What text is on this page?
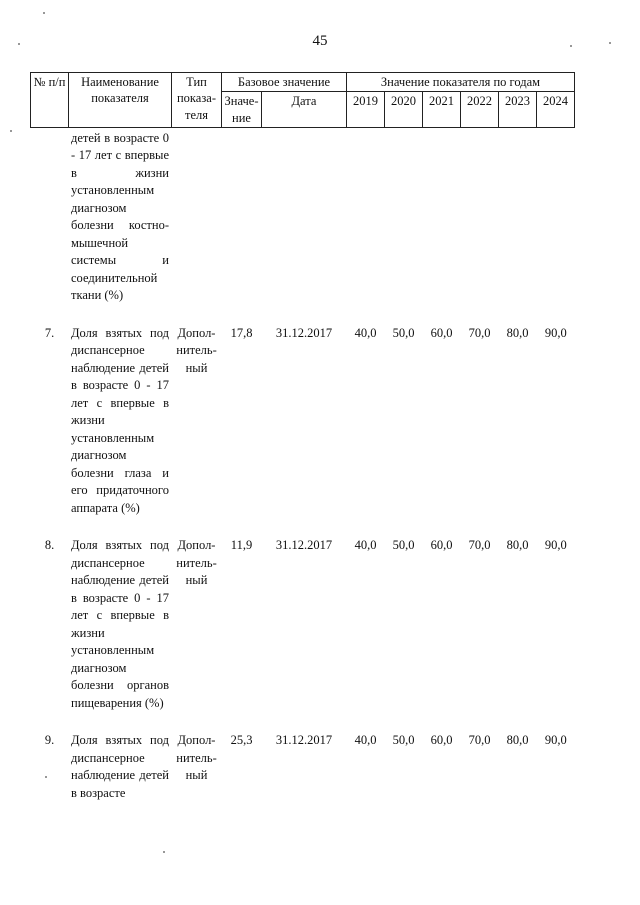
45
№ п/п	Наименование показателя	Тип показа-теля	Базовое значение		Значение показателя по годам					
			Значе-ние	Дата	2019	2020	2021	2022	2023	2024
	детей в возрасте 0 - 17 лет с впервые в жизни установленным диагнозом болезни костно-мышечной системы и соединительной ткани (%)									
7.	Доля взятых под диспансерное наблюдение детей в возрасте 0 - 17 лет с впервые в жизни установленным диагнозом болезни глаза и его придаточного аппарата (%)	Допол-нитель-ный	17,8	31.12.2017	40,0	50,0	60,0	70,0	80,0	90,0
8.	Доля взятых под диспансерное наблюдение детей в возрасте 0 - 17 лет с впервые в жизни установленным диагнозом болезни органов пищеварения (%)	Допол-нитель-ный	11,9	31.12.2017	40,0	50,0	60,0	70,0	80,0	90,0
9.	Доля взятых под диспансерное наблюдение детей в возрасте	Допол-нитель-ный	25,3	31.12.2017	40,0	50,0	60,0	70,0	80,0	90,0
